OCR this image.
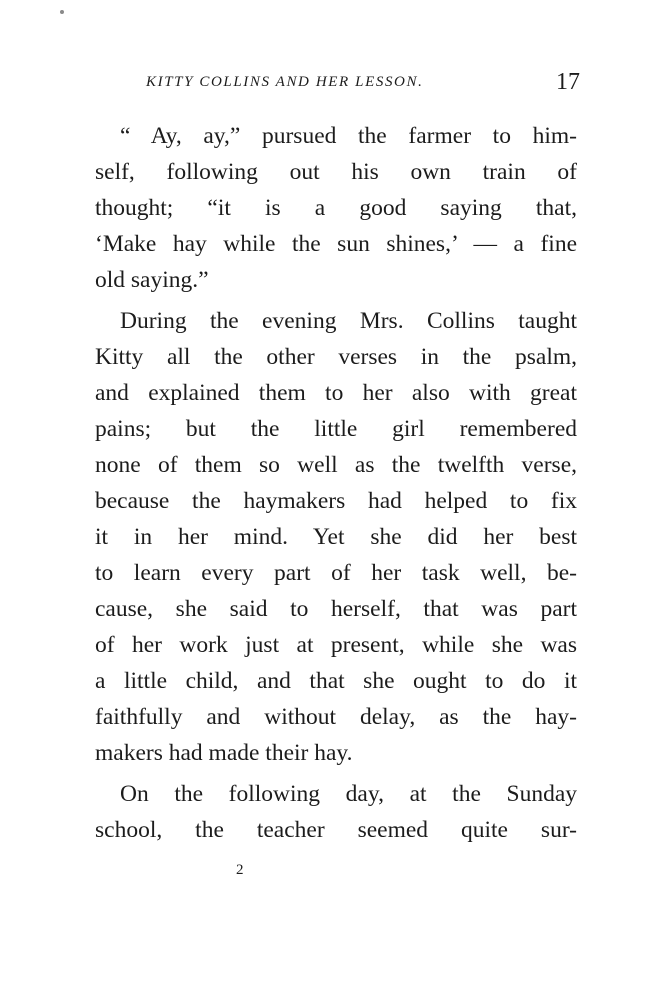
KITTY COLLINS AND HER LESSON.	17
“ Ay, ay,” pursued the farmer to him-
self, following out his own train of
thought; “it is a good saying that,
‘Make hay while the sun shines,’ — a fine
old saying.”
During the evening Mrs. Collins taught
Kitty all the other verses in the psalm,
and explained them to her also with great
pains; but the little girl remembered
none of them so well as the twelfth verse,
because the haymakers had helped to fix
it in her mind. Yet she did her best
to learn every part of her task well, be-
cause, she said to herself, that was part
of her work just at present, while she was
a little child, and that she ought to do it
faithfully and without delay, as the hay-
makers had made their hay.
On the following day, at the Sunday
school, the teacher seemed quite sur-
2
